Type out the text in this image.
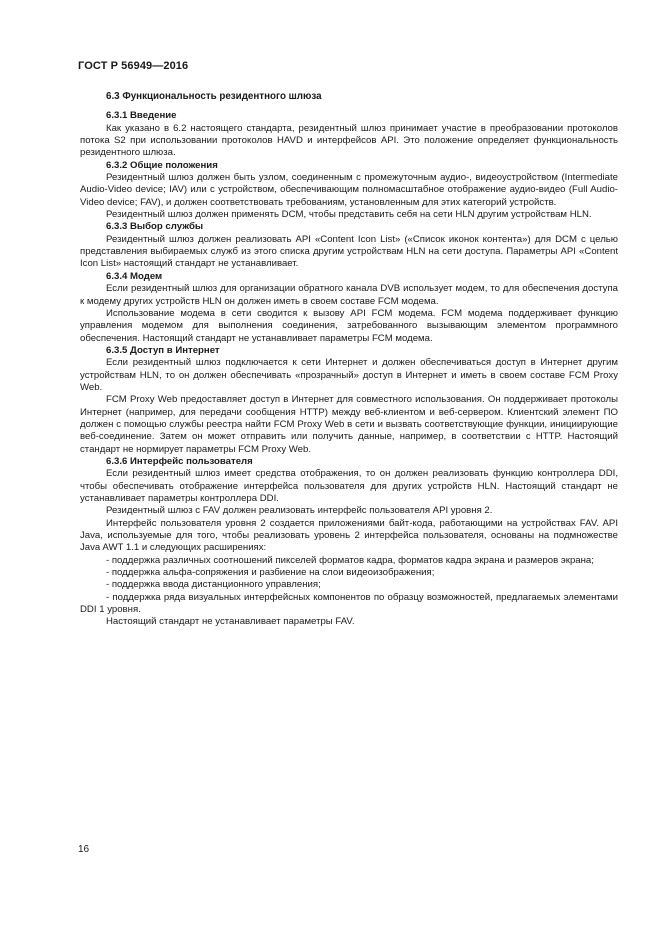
ГОСТ Р 56949—2016
6.3 Функциональность резидентного шлюза
6.3.1 Введение

Как указано в 6.2 настоящего стандарта, резидентный шлюз принимает участие в преобразовании протоколов потока S2 при использовании протоколов HAVD и интерфейсов API. Это положение определяет функциональность резидентного шлюза.

6.3.2 Общие положения

Резидентный шлюз должен быть узлом, соединенным с промежуточным аудио-, видеоустройством (Intermediate Audio-Video device; IAV) или с устройством, обеспечивающим полномасштабное отображение аудио-видео (Full Audio-Video device; FAV), и должен соответствовать требованиям, установленным для этих категорий устройств.

Резидентный шлюз должен применять DCM, чтобы представить себя на сети HLN другим устройствам HLN.

6.3.3 Выбор службы

Резидентный шлюз должен реализовать API «Content Icon List» («Список иконок контента») для DCM с целью представления выбираемых служб из этого списка другим устройствам HLN на сети доступа. Параметры API «Content Icon List» настоящий стандарт не устанавливает.

6.3.4 Модем

Если резидентный шлюз для организации обратного канала DVB использует модем, то для обеспечения доступа к модему других устройств HLN он должен иметь в своем составе FCM модема.

Использование модема в сети сводится к вызову API FCM модема. FCM модема поддерживает функцию управления модемом для выполнения соединения, затребованного вызывающим элементом программного обеспечения. Настоящий стандарт не устанавливает параметры FCM модема.

6.3.5 Доступ в Интернет

Если резидентный шлюз подключается к сети Интернет и должен обеспечиваться доступ в Интернет другим устройствам HLN, то он должен обеспечивать «прозрачный» доступ в Интернет и иметь в своем составе FCM Proxy Web.

FCM Proxy Web предоставляет доступ в Интернет для совместного использования. Он поддерживает протоколы Интернет (например, для передачи сообщения HTTP) между веб-клиентом и веб-сервером. Клиентский элемент ПО должен с помощью службы реестра найти FCM Proxy Web в сети и вызвать соответствующие функции, инициирующие веб-соединение. Затем он может отправить или получить данные, например, в соответствии с HTTP. Настоящий стандарт не нормирует параметры FCM Proxy Web.

6.3.6 Интерфейс пользователя

Если резидентный шлюз имеет средства отображения, то он должен реализовать функцию контроллера DDI, чтобы обеспечивать отображение интерфейса пользователя для других устройств HLN. Настоящий стандарт не устанавливает параметры контроллера DDI.

Резидентный шлюз с FAV должен реализовать интерфейс пользователя API уровня 2.

Интерфейс пользователя уровня 2 создается приложениями байт-кода, работающими на устройствах FAV. API Java, используемые для того, чтобы реализовать уровень 2 интерфейса пользователя, основаны на подмножестве Java AWT 1.1 и следующих расширениях:

- поддержка различных соотношений пикселей форматов кадра, форматов кадра экрана и размеров экрана;

- поддержка альфа-сопряжения и разбиение на слои видеоизображения;

- поддержка ввода дистанционного управления;

- поддержка ряда визуальных интерфейсных компонентов по образцу возможностей, предлагаемых элементами DDI 1 уровня.

Настоящий стандарт не устанавливает параметры FAV.

16
